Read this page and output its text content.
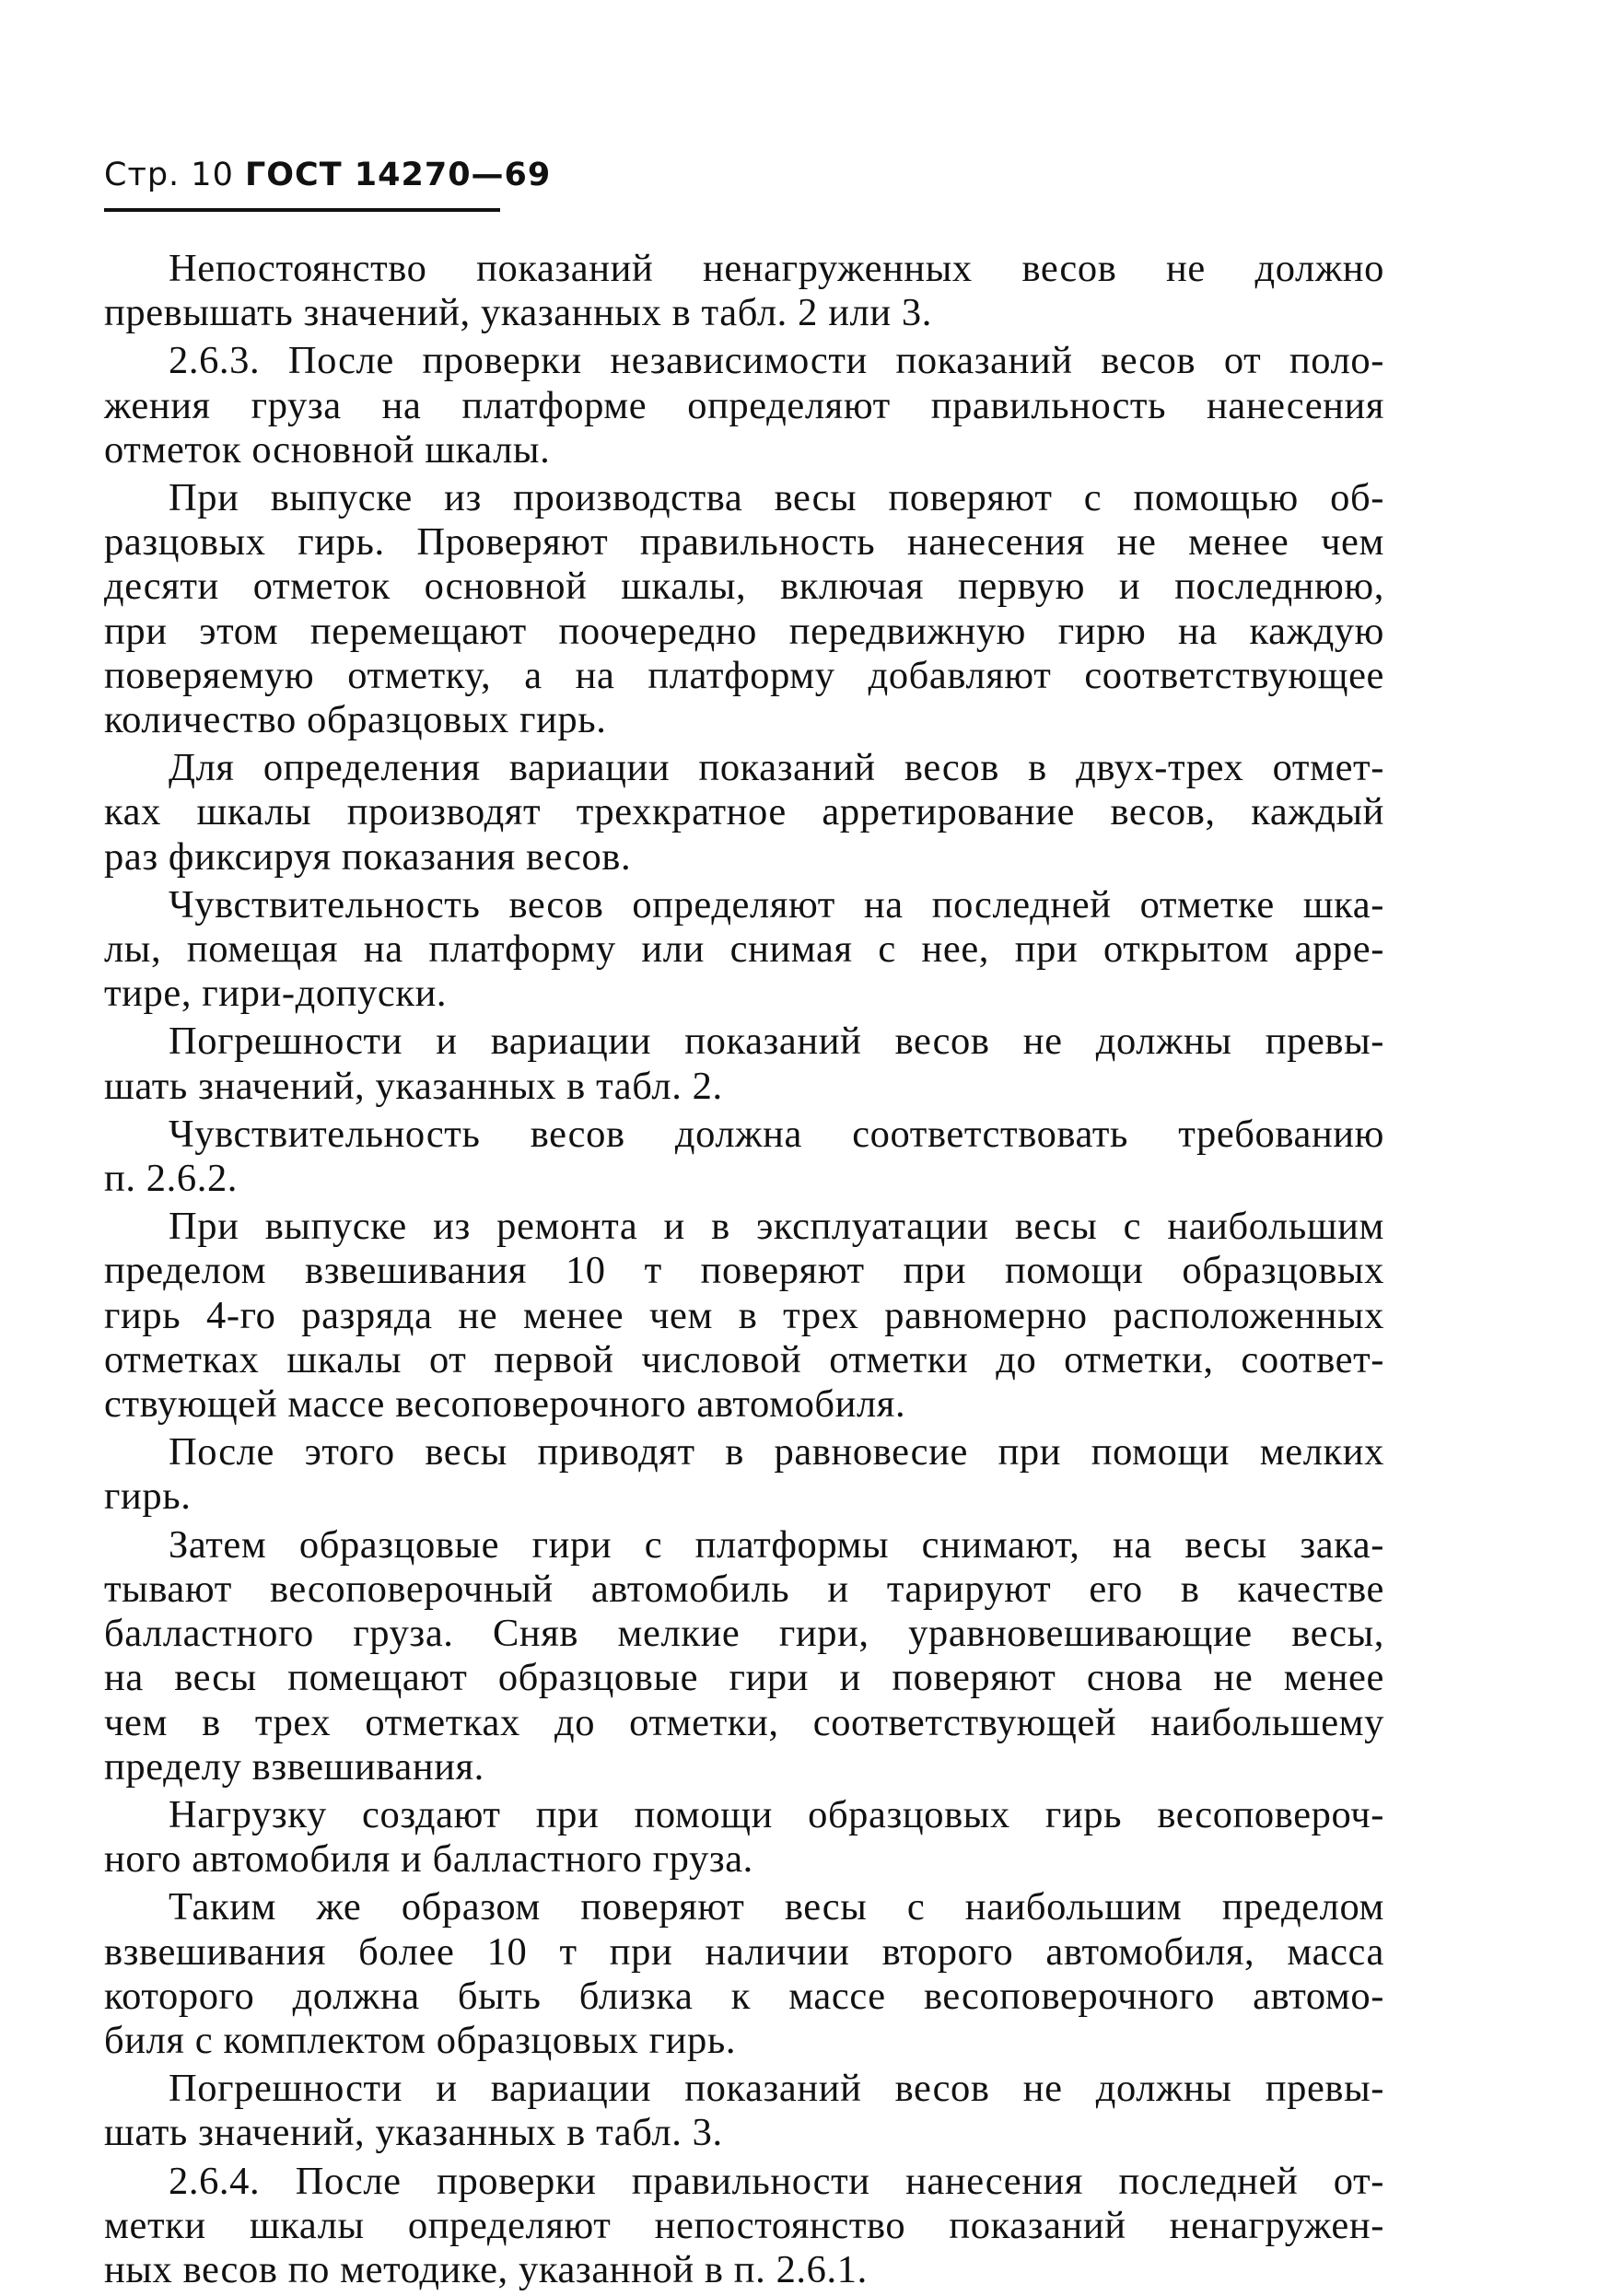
Стр. 10 ГОСТ 14270—69
Непостоянство показаний ненагруженных весов не должно
превышать значений, указанных в табл. 2 или 3.
2.6.3. После проверки независимости показаний весов от поло-
жения груза на платформе определяют правильность нанесения
отметок основной шкалы.
При выпуске из производства весы поверяют с помощью об-
разцовых гирь. Проверяют правильность нанесения не менее чем
десяти отметок основной шкалы, включая первую и последнюю,
при этом перемещают поочередно передвижную гирю на каждую
поверяемую отметку, а на платформу добавляют соответствующее
количество образцовых гирь.
Для определения вариации показаний весов в двух-трех отмет-
ках шкалы производят трехкратное арретирование весов, каждый
раз фиксируя показания весов.
Чувствительность весов определяют на последней отметке шка-
лы, помещая на платформу или снимая с нее, при открытом арре-
тире, гири-допуски.
Погрешности и вариации показаний весов не должны превы-
шать значений, указанных в табл. 2.
Чувствительность весов должна соответствовать требованию
п. 2.6.2.
При выпуске из ремонта и в эксплуатации весы с наибольшим
пределом взвешивания 10 т поверяют при помощи образцовых
гирь 4-го разряда не менее чем в трех равномерно расположенных
отметках шкалы от первой числовой отметки до отметки, соответ-
ствующей массе весоповерочного автомобиля.
После этого весы приводят в равновесие при помощи мелких
гирь.
Затем образцовые гири с платформы снимают, на весы зака-
тывают весоповерочный автомобиль и тарируют его в качестве
балластного груза. Сняв мелкие гири, уравновешивающие весы,
на весы помещают образцовые гири и поверяют снова не менее
чем в трех отметках до отметки, соответствующей наибольшему
пределу взвешивания.
Нагрузку создают при помощи образцовых гирь весоповероч-
ного автомобиля и балластного груза.
Таким же образом поверяют весы с наибольшим пределом
взвешивания более 10 т при наличии второго автомобиля, масса
которого должна быть близка к массе весоповерочного автомо-
биля с комплектом образцовых гирь.
Погрешности и вариации показаний весов не должны превы-
шать значений, указанных в табл. 3.
2.6.4. После проверки правильности нанесения последней от-
метки шкалы определяют непостоянство показаний ненагружен-
ных весов по методике, указанной в п. 2.6.1.
